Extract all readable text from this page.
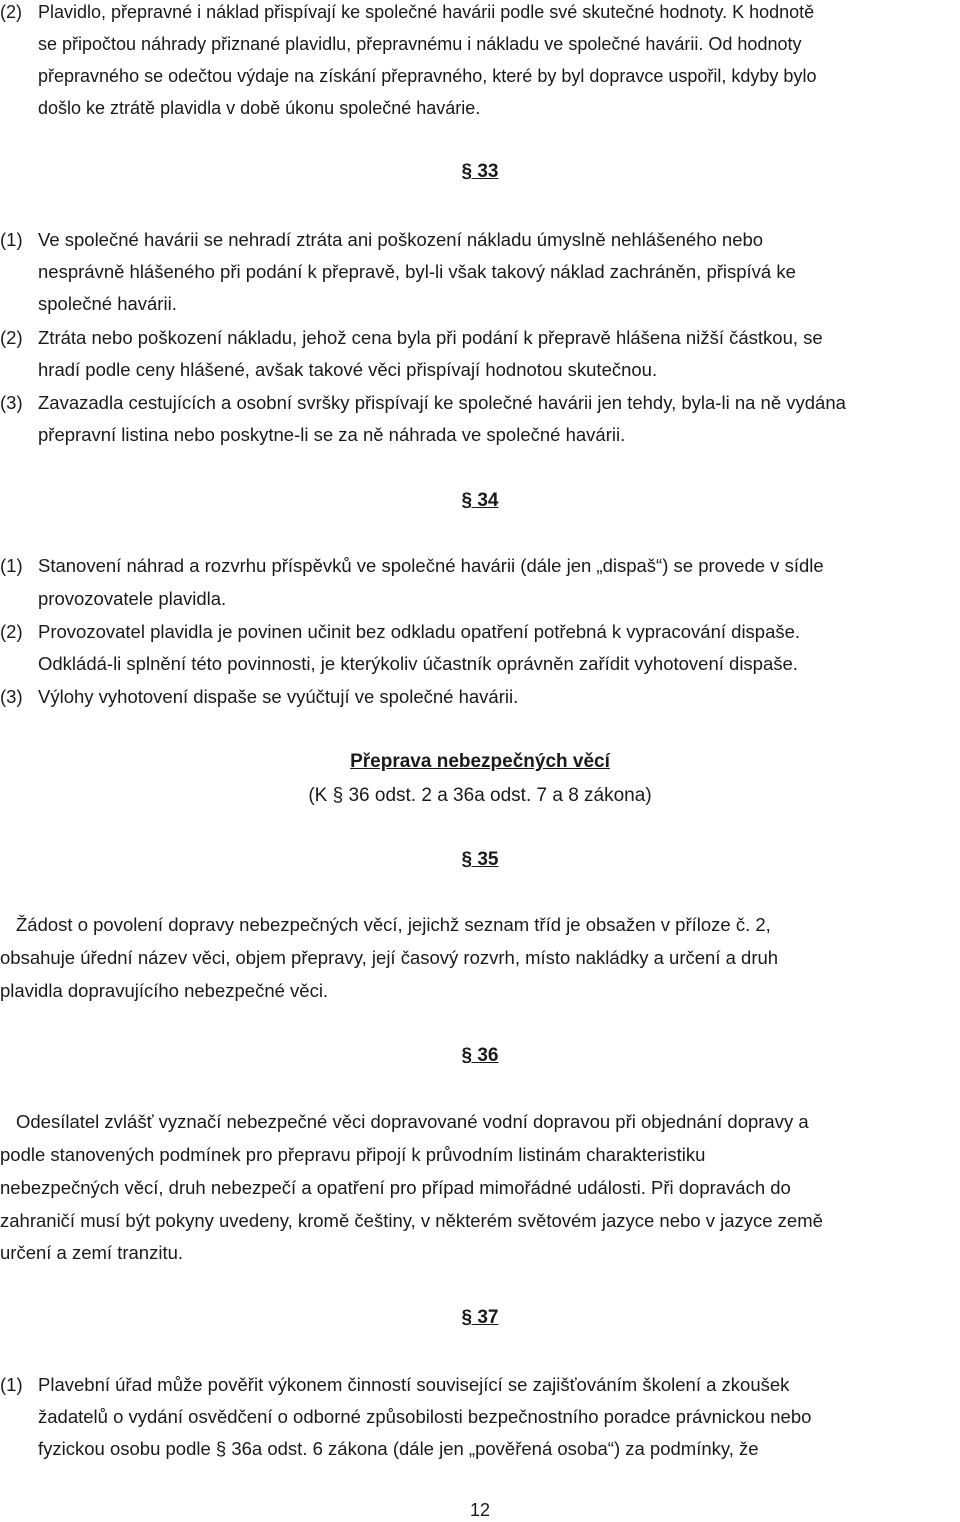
(2) Plavidlo, přepravné i náklad přispívají ke společné havárii podle své skutečné hodnoty. K hodnotě
se připočtou náhrady přiznané plavidlu, přepravnému i nákladu ve společné havárii. Od hodnoty
přepravného se odečtou výdaje na získání přepravného, které by byl dopravce uspořil, kdyby bylo
došlo ke ztrátě plavidla v době úkonu společné havárie.
§ 33
(1) Ve společné havárii se nehradí ztráta ani poškození nákladu úmyslně nehlášeného nebo
nesprávně hlášeného při podání k přepravě, byl-li však takový náklad zachráněn, přispívá ke
společné havárii.
(2) Ztráta nebo poškození nákladu, jehož cena byla při podání k přepravě hlášena nižší částkou, se
hradí podle ceny hlášené, avšak takové věci přispívají hodnotou skutečnou.
(3) Zavazadla cestujících a osobní svršky přispívají ke společné havárii jen tehdy, byla-li na ně vydána
přepravní listina nebo poskytne-li se za ně náhrada ve společné havárii.
§ 34
(1) Stanovení náhrad a rozvrhu příspěvků ve společné havárii (dále jen „dispaš“) se provede v sídle
provozovatele plavidla.
(2) Provozovatel plavidla je povinen učinit bez odkladu opatření potřebná k vypracování dispaše.
Odkládá-li splnění této povinnosti, je kterýkoliv účastník oprávněn zařídit vyhotovení dispaše.
(3) Výlohy vyhotovení dispaše se vyúčtují ve společné havárii.
Přeprava nebezpečných věcí
(K § 36 odst. 2 a 36a odst. 7 a 8 zákona)
§ 35
Žádost o povolení dopravy nebezpečných věcí, jejichž seznam tříd je obsažen v příloze č. 2,
obsahuje úřední název věci, objem přepravy, její časový rozvrh, místo nakládky a určení a druh
plavidla dopravujícího nebezpečné věci.
§ 36
Odesílatel zvlášť vyznačí nebezpečné věci dopravované vodní dopravou při objednání dopravy a
podle stanovených podmínek pro přepravu připojí k průvodním listinám charakteristiku
nebezpečných věcí, druh nebezpečí a opatření pro případ mimořádné události. Při dopravách do
zahraničí musí být pokyny uvedeny, kromě češtiny, v některém světovém jazyce nebo v jazyce země
určení a zemí tranzitu.
§ 37
(1) Plavební úřad může pověřit výkonem činností související se zajišťováním školení a zkoušek
žadatelů o vydání osvědčení o odborné způsobilosti bezpečnostního poradce právnickou nebo
fyzickou osobu podle § 36a odst. 6 zákona (dále jen „pověřená osoba“) za podmínky, že
12
